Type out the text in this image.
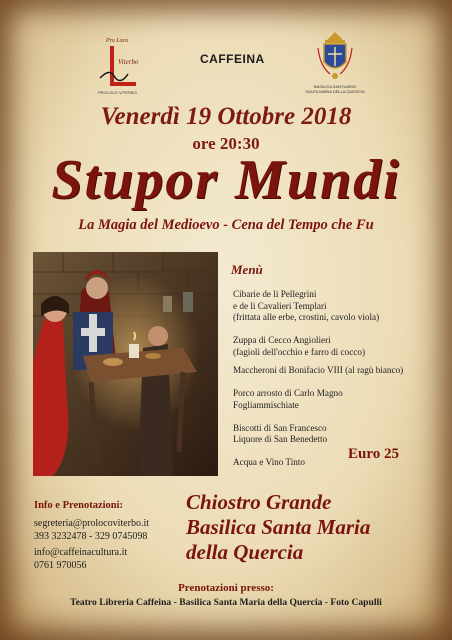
Pro Loco
Viterbo
PROLOCO VITERBO
CAFFEINA
BASILICA SANTUARIO
SANTA MARIA DELLA QUERCIA
Venerdì 19 Ottobre 2018
ore 20:30
Stupor Mundi
La Magia del Medioevo - Cena del Tempo che Fu
Menù
Cibarie de li Pellegrini
e de li Cavalieri Templari
(frittata alle erbe, crostini, cavolo viola)

Zuppa di Cecco Angiolieri
(fagioli dell'occhio e farro di cocco)
Maccheroni di Bonifacio VIII (al ragù bianco)

Porco arrosto di Carlo Magno
Fogliammischiate

Biscotti di San Francesco
Liquore di San Benedetto

Acqua e Vino Tinto	Euro 25
Info e Prenotazioni:
segreteria@prolocoviterbo.it
393 3232478 - 329 0745098
info@caffeinacultura.it
0761 970056
Chiostro Grande
Basilica Santa Maria
della Quercia
Prenotazioni presso:
Teatro Libreria Caffeina - Basilica Santa Maria della Quercia - Foto Capulli
